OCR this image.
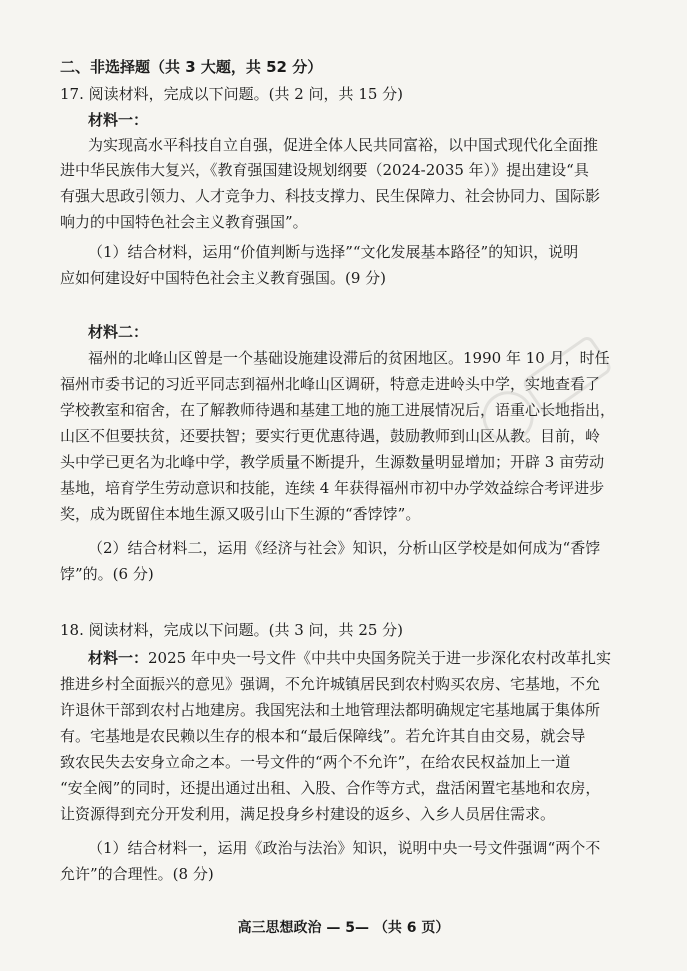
二、非选择题（共 3 大题，共 52 分）
17. 阅读材料，完成以下问题。(共 2 问，共 15 分)
材料一：
为实现高水平科技自立自强，促进全体人民共同富裕，以中国式现代化全面推
进中华民族伟大复兴，《教育强国建设规划纲要（2024-2035 年）》提出建设“具
有强大思政引领力、人才竞争力、科技支撑力、民生保障力、社会协同力、国际影
响力的中国特色社会主义教育强国”。
（1）结合材料，运用“价值判断与选择”“文化发展基本路径”的知识，说明
应如何建设好中国特色社会主义教育强国。(9 分)
材料二：
福州的北峰山区曾是一个基础设施建设滞后的贫困地区。1990 年 10 月，时任
福州市委书记的习近平同志到福州北峰山区调研，特意走进岭头中学，实地查看了
学校教室和宿舍，在了解教师待遇和基建工地的施工进展情况后，语重心长地指出，
山区不但要扶贫，还要扶智；要实行更优惠待遇，鼓励教师到山区从教。目前，岭
头中学已更名为北峰中学，教学质量不断提升，生源数量明显增加；开辟 3 亩劳动
基地，培育学生劳动意识和技能，连续 4 年获得福州市初中办学效益综合考评进步
奖，成为既留住本地生源又吸引山下生源的“香饽饽”。
（2）结合材料二，运用《经济与社会》知识，分析山区学校是如何成为“香饽
饽”的。(6 分)
18. 阅读材料，完成以下问题。(共 3 问，共 25 分)
材料一：2025 年中央一号文件《中共中央国务院关于进一步深化农村改革扎实
推进乡村全面振兴的意见》强调，不允许城镇居民到农村购买农房、宅基地，不允
许退休干部到农村占地建房。我国宪法和土地管理法都明确规定宅基地属于集体所
有。宅基地是农民赖以生存的根本和“最后保障线”。若允许其自由交易，就会导
致农民失去安身立命之本。一号文件的“两个不允许”，在给农民权益加上一道
“安全阀”的同时，还提出通过出租、入股、合作等方式，盘活闲置宅基地和农房，
让资源得到充分开发利用，满足投身乡村建设的返乡、入乡人员居住需求。
（1）结合材料一，运用《政治与法治》知识，说明中央一号文件强调“两个不
允许”的合理性。(8 分)
高三思想政治 — 5— （共 6 页）
